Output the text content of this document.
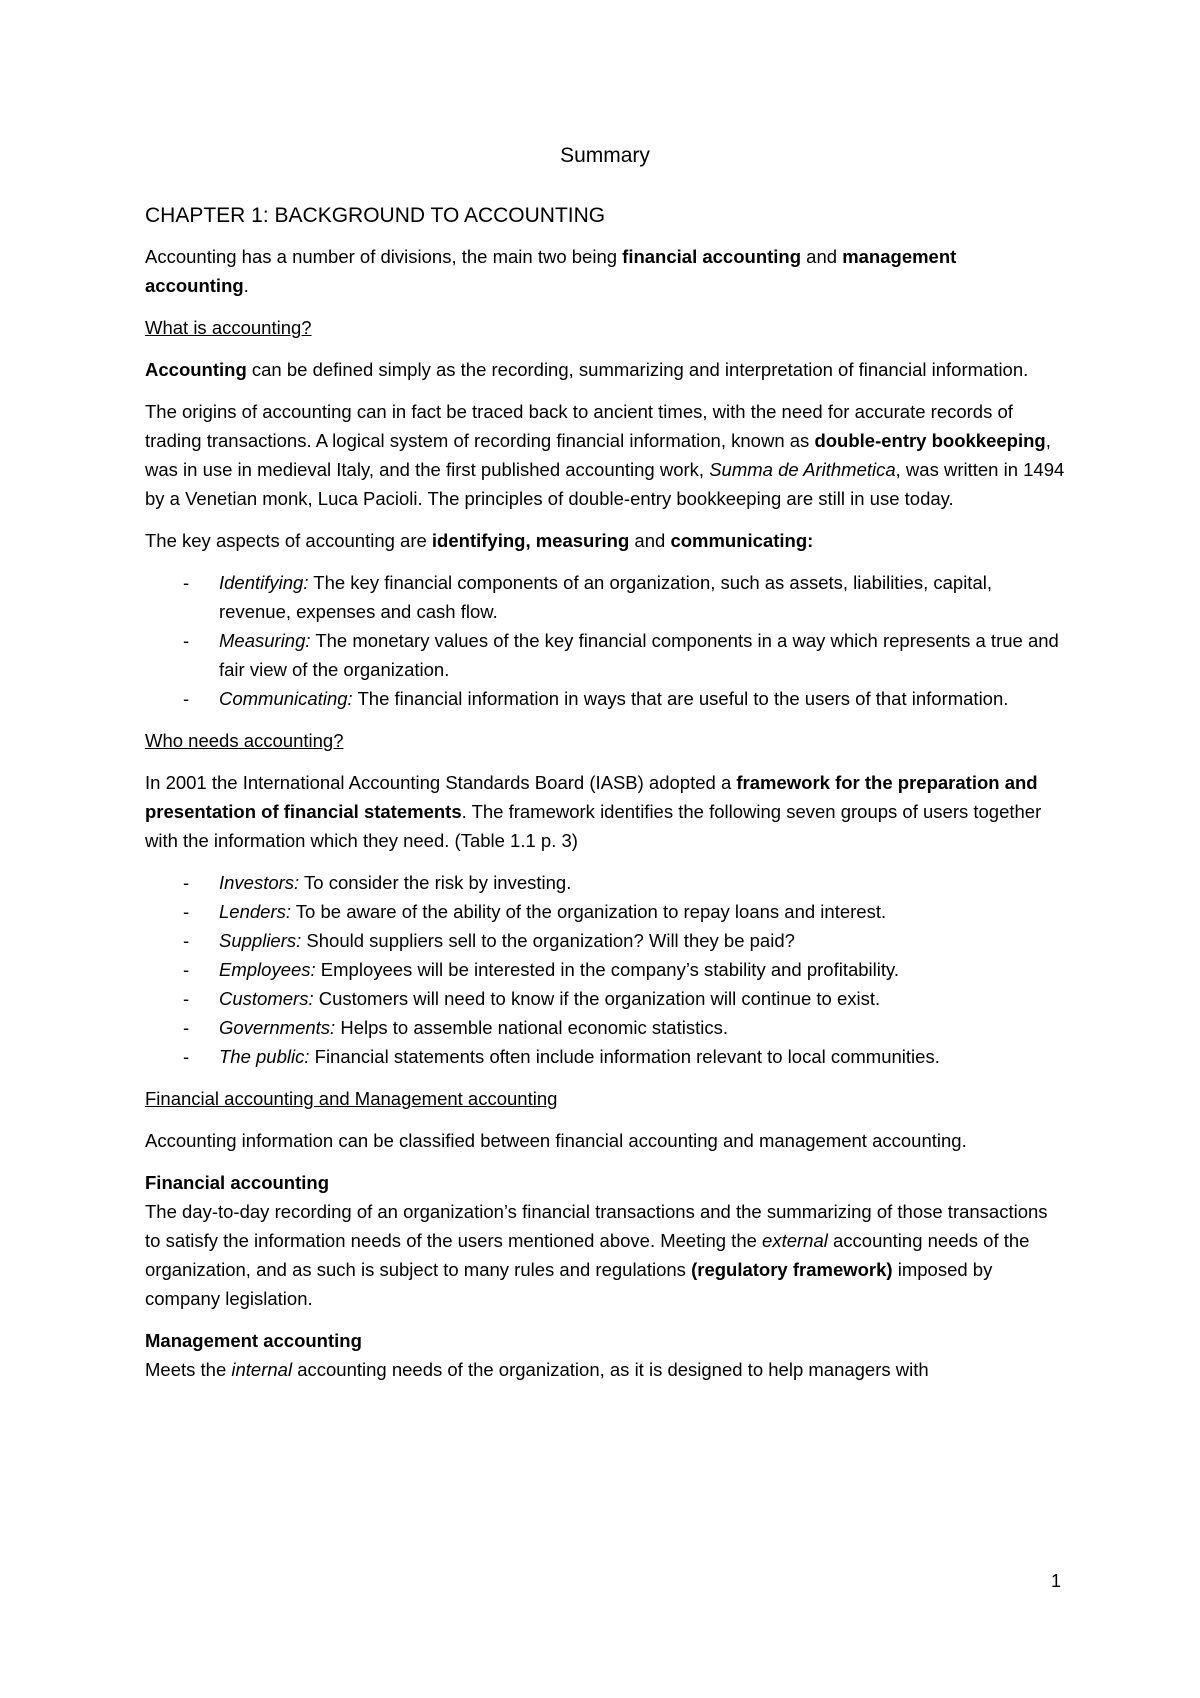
Summary
CHAPTER 1: BACKGROUND TO ACCOUNTING

Accounting has a number of divisions, the main two being financial accounting and management accounting.

What is accounting?

Accounting can be defined simply as the recording, summarizing and interpretation of financial information.

The origins of accounting can in fact be traced back to ancient times, with the need for accurate records of trading transactions. A logical system of recording financial information, known as double-entry bookkeeping, was in use in medieval Italy, and the first published accounting work, Summa de Arithmetica, was written in 1494 by a Venetian monk, Luca Pacioli. The principles of double-entry bookkeeping are still in use today.

The key aspects of accounting are identifying, measuring and communicating:

- Identifying: The key financial components of an organization, such as assets, liabilities, capital, revenue, expenses and cash flow.
- Measuring: The monetary values of the key financial components in a way which represents a true and fair view of the organization.
- Communicating: The financial information in ways that are useful to the users of that information.

Who needs accounting?

In 2001 the International Accounting Standards Board (IASB) adopted a framework for the preparation and presentation of financial statements. The framework identifies the following seven groups of users together with the information which they need. (Table 1.1 p. 3)

- Investors: To consider the risk by investing.
- Lenders: To be aware of the ability of the organization to repay loans and interest.
- Suppliers: Should suppliers sell to the organization? Will they be paid?
- Employees: Employees will be interested in the company’s stability and profitability.
- Customers: Customers will need to know if the organization will continue to exist.
- Governments: Helps to assemble national economic statistics.
- The public: Financial statements often include information relevant to local communities.

Financial accounting and Management accounting

Accounting information can be classified between financial accounting and management accounting.

Financial accounting
The day-to-day recording of an organization’s financial transactions and the summarizing of those transactions to satisfy the information needs of the users mentioned above. Meeting the external accounting needs of the organization, and as such is subject to many rules and regulations (regulatory framework) imposed by company legislation.

Management accounting
Meets the internal accounting needs of the organization, as it is designed to help managers with

1
